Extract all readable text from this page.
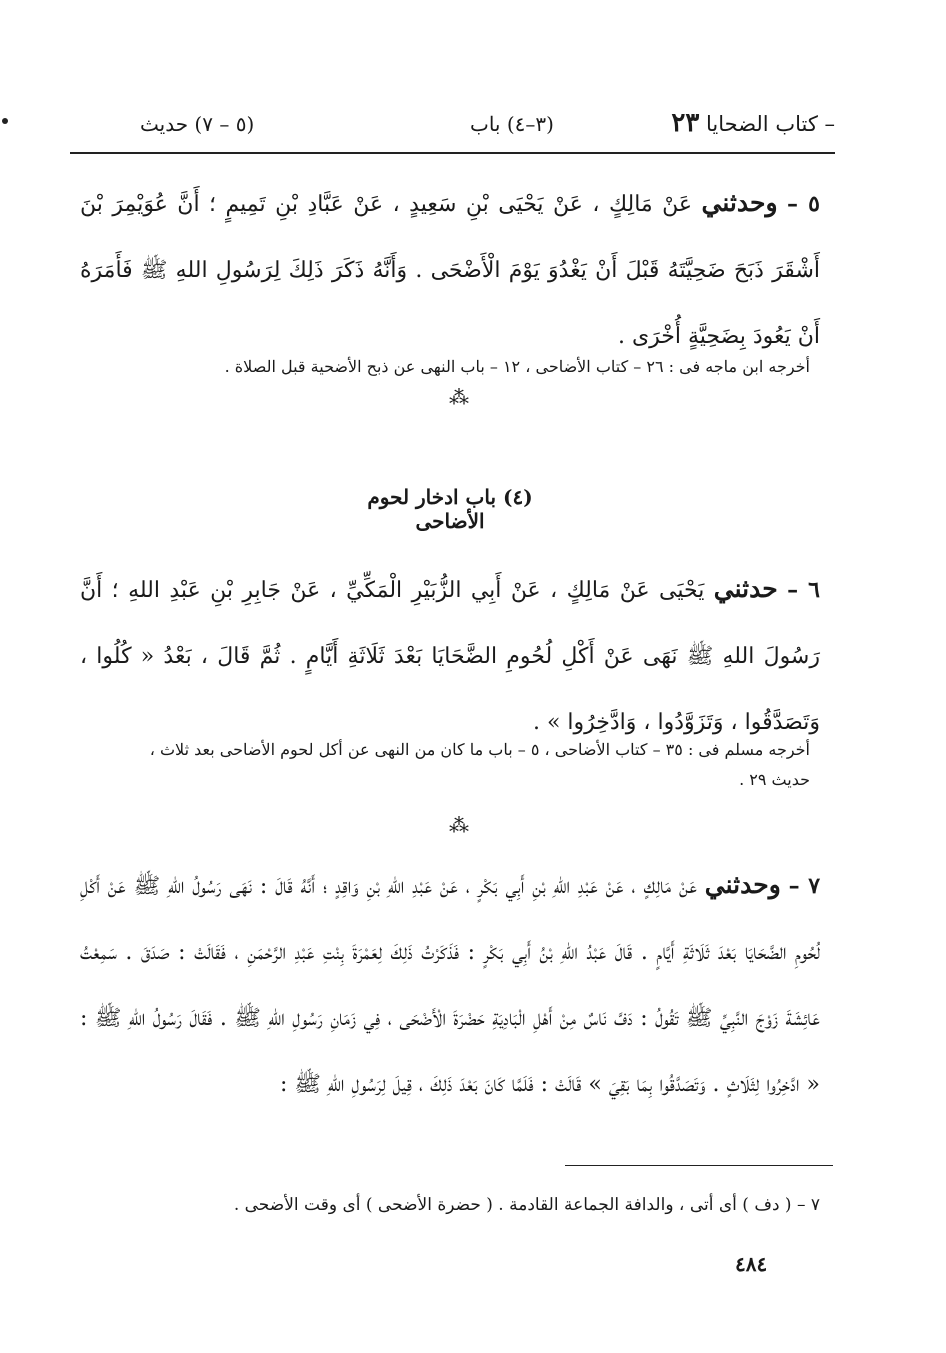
(٥ – ٧) حديث	(٣–٤) باب	– كتاب الضحايا ٢٣

٥ – وحدثني عَنْ مَالِكٍ ، عَنْ يَحْيَى بْنِ سَعِيدٍ ، عَنْ عَبَّادِ بْنِ تَمِيمٍ ؛ أَنَّ عُوَيْمِرَ بْنَ أَشْقَرَ ذَبَحَ ضَحِيَّتَهُ قَبْلَ أَنْ يَغْدُوَ يَوْمَ الْأَضْحَى . وَأَنَّهُ ذَكَرَ ذَلِكَ لِرَسُولِ اللهِ ﷺ فَأَمَرَهُ أَنْ يَعُودَ بِضَحِيَّةٍ أُخْرَى .

أخرجه ابن ماجه فى : ٢٦ – كتاب الأضاحى ، ١٢ – باب النهى عن ذبح الأضحية قبل الصلاة .
⁂
(٤) باب ادخار لحوم الأضاحى

٦ – حدثني يَحْيَى عَنْ مَالِكٍ ، عَنْ أَبِي الزُّبَيْرِ الْمَكِّيِّ ، عَنْ جَابِرِ بْنِ عَبْدِ اللهِ ؛ أَنَّ رَسُولَ اللهِ ﷺ نَهَى عَنْ أَكْلِ لُحُومِ الضَّحَايَا بَعْدَ ثَلَاثَةِ أَيَّامٍ . ثُمَّ قَالَ ، بَعْدُ « كُلُوا ، وَتَصَدَّقُوا ، وَتَزَوَّدُوا ، وَادَّخِرُوا » .

أخرجه مسلم فى : ٣٥ – كتاب الأضاحى ، ٥ – باب ما كان من النهى عن أكل لحوم الأضاحى بعد ثلاث ، حديث ٢٩ .
⁂

٧ – وحدثني عَنْ مَالِكٍ ، عَنْ عَبْدِ اللهِ بْنِ أَبِي بَكْرٍ ، عَنْ عَبْدِ اللهِ بْنِ وَاقِدٍ ؛ أَنَّهُ قَالَ : نَهَى رَسُولُ اللهِ ﷺ عَنْ أَكْلِ لُحُومِ الضَّحَايَا بَعْدَ ثَلَاثَةِ أَيَّامٍ . قَالَ عَبْدُ اللهِ بْنُ أَبِي بَكْرٍ : فَذَكَرْتُ ذَلِكَ لِعَمْرَةَ بِنْتِ عَبْدِ الرَّحْمَنِ ، فَقَالَتْ : صَدَقَ . سَمِعْتُ عَائِشَةَ زَوْجَ النَّبِيِّ ﷺ تَقُولُ : دَفَّ نَاسٌ مِنْ أَهْلِ الْبَادِيَةِ حَضْرَةَ الْأَضْحَى ، فِي زَمَانِ رَسُولِ اللهِ ﷺ . فَقَالَ رَسُولُ اللهِ ﷺ : « ادَّخِرُوا لِثَلَاثٍ . وَتَصَدَّقُوا بِمَا بَقِيَ » قَالَتْ : فَلَمَّا كَانَ بَعْدَ ذَلِكَ ، قِيلَ لِرَسُولِ اللهِ ﷺ :

٧ – ( دف ) أى أتى ، والدافة الجماعة القادمة . ( حضرة الأضحى ) أى وقت الأضحى .
٤٨٤
